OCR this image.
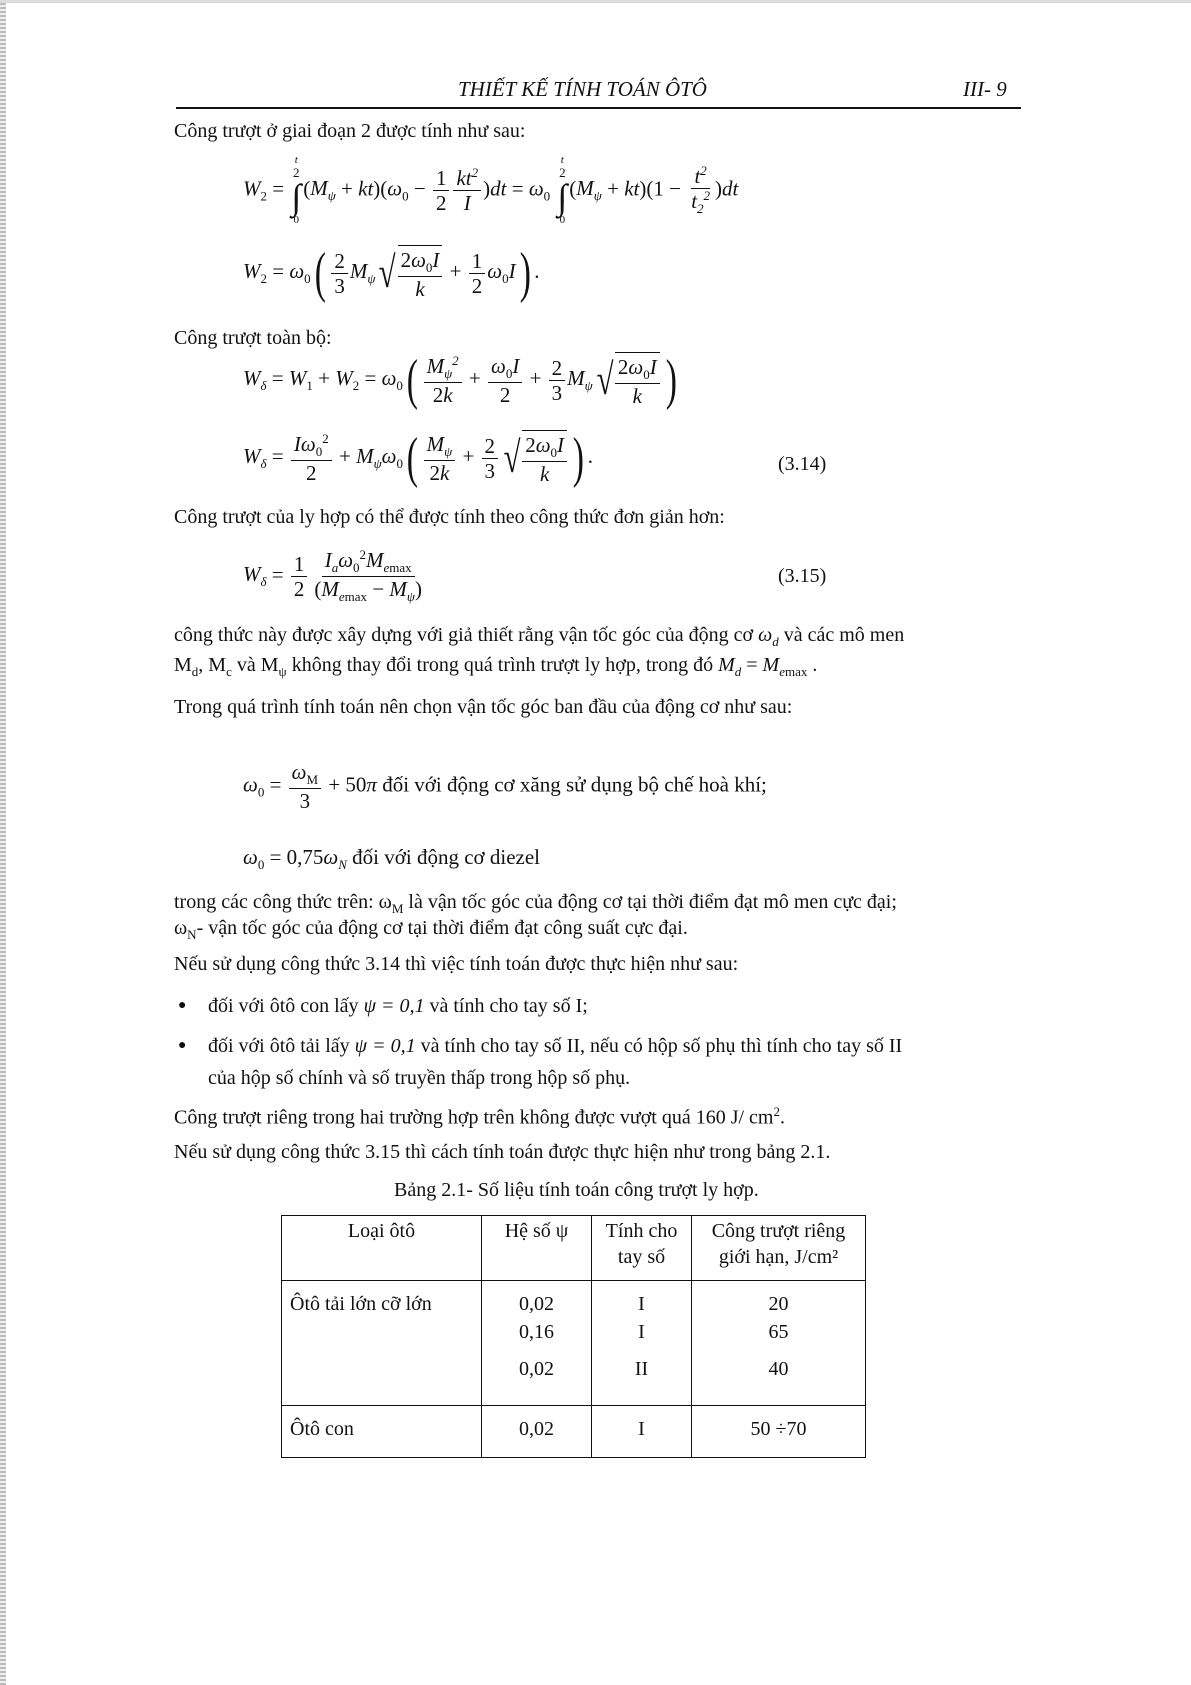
THIẾT KẾ TÍNH TOÁN ÔTÔ	III- 9
Công trượt ở giai đoạn 2 được tính như sau:
$W_2$ =
t
2
∫
$0(M_\psi + kt)(\omega_0 - \frac{1}{2} \frac{kt^2}{I} )dt = \omega_0$
t
2
∫
$0(M_\psi + kt)(1 - \frac{t^2}{t_2^2} )dt$
$W_2 = \omega_0( \frac{2}{3} M_\psi$ √ $\frac{2\omega_0I}{k} + \frac{1}{2} \omega_0I$) .
Công trượt toàn bộ:
$W_\delta = W_1 + W_2 = \omega_0( \frac{M_\psi^2}{2k} + \frac{\omega_0I}{2} + \frac{2}{3} M_\psi$ √ $\frac{2\omega_0I}{k}$ )
$W_\delta = \frac{I\omega_0^2}{2} + M_\psi\omega_0( \frac{M_\psi}{2k} + \frac{2}{3}$ √ $\frac{2\omega_0I}{k}$ ) .	(3.14)
Công trượt của ly hợp có thể được tính theo công thức đơn giản hơn:
$W_\delta = \frac{1}{2} \frac{I_a\omega_0^2M_{emax}}{(M_{emax} - M_\psi)}$	(3.15)
công thức này được xây dựng với giả thiết rằng vận tốc góc của động cơ $\omega_d$ và các mô men
$M_d$, $M_c$ và $M_\psi$ không thay đổi trong quá trình trượt ly hợp, trong đó $M_d = M_{emax}$ .
Trong quá trình tính toán nên chọn vận tốc góc ban đầu của động cơ như sau:
$\omega_0 = \frac{\omega_M}{3} + 50\pi$ đối với động cơ xăng sử dụng bộ chế hoà khí;
$\omega_0 = 0,75\omega_N$ đối với động cơ diezel
trong các công thức trên: $\omega_M$ là vận tốc góc của động cơ tại thời điểm đạt mô men cực đại;
$\omega_N-$ vận tốc góc của động cơ tại thời điểm đạt công suất cực đại.
Nếu sử dụng công thức 3.14 thì việc tính toán được thực hiện như sau:
● đối với ôtô con lấy ψ = 0,1 và tính cho tay số I;
● đối với ôtô tải lấy ψ = 0,1 và tính cho tay số II, nếu có hộp số phụ thì tính cho tay số II
của hộp số chính và số truyền thấp trong hộp số phụ.
Công trượt riêng trong hai trường hợp trên không được vượt quá 160 J/ $cm^2$.
Nếu sử dụng công thức 3.15 thì cách tính toán được thực hiện như trong bảng 2.1.
Bảng 2.1- Số liệu tính toán công trượt ly hợp.
Loại ôtô	Hệ số ψ	Tính cho tay số	Công trượt riêng giới hạn, J/cm²
Ôtô tải lớn cỡ lớn	0,02	I	20
	0,16	I	65
	0,02	II	40
Ôtô con	0,02	I	50 ÷70
